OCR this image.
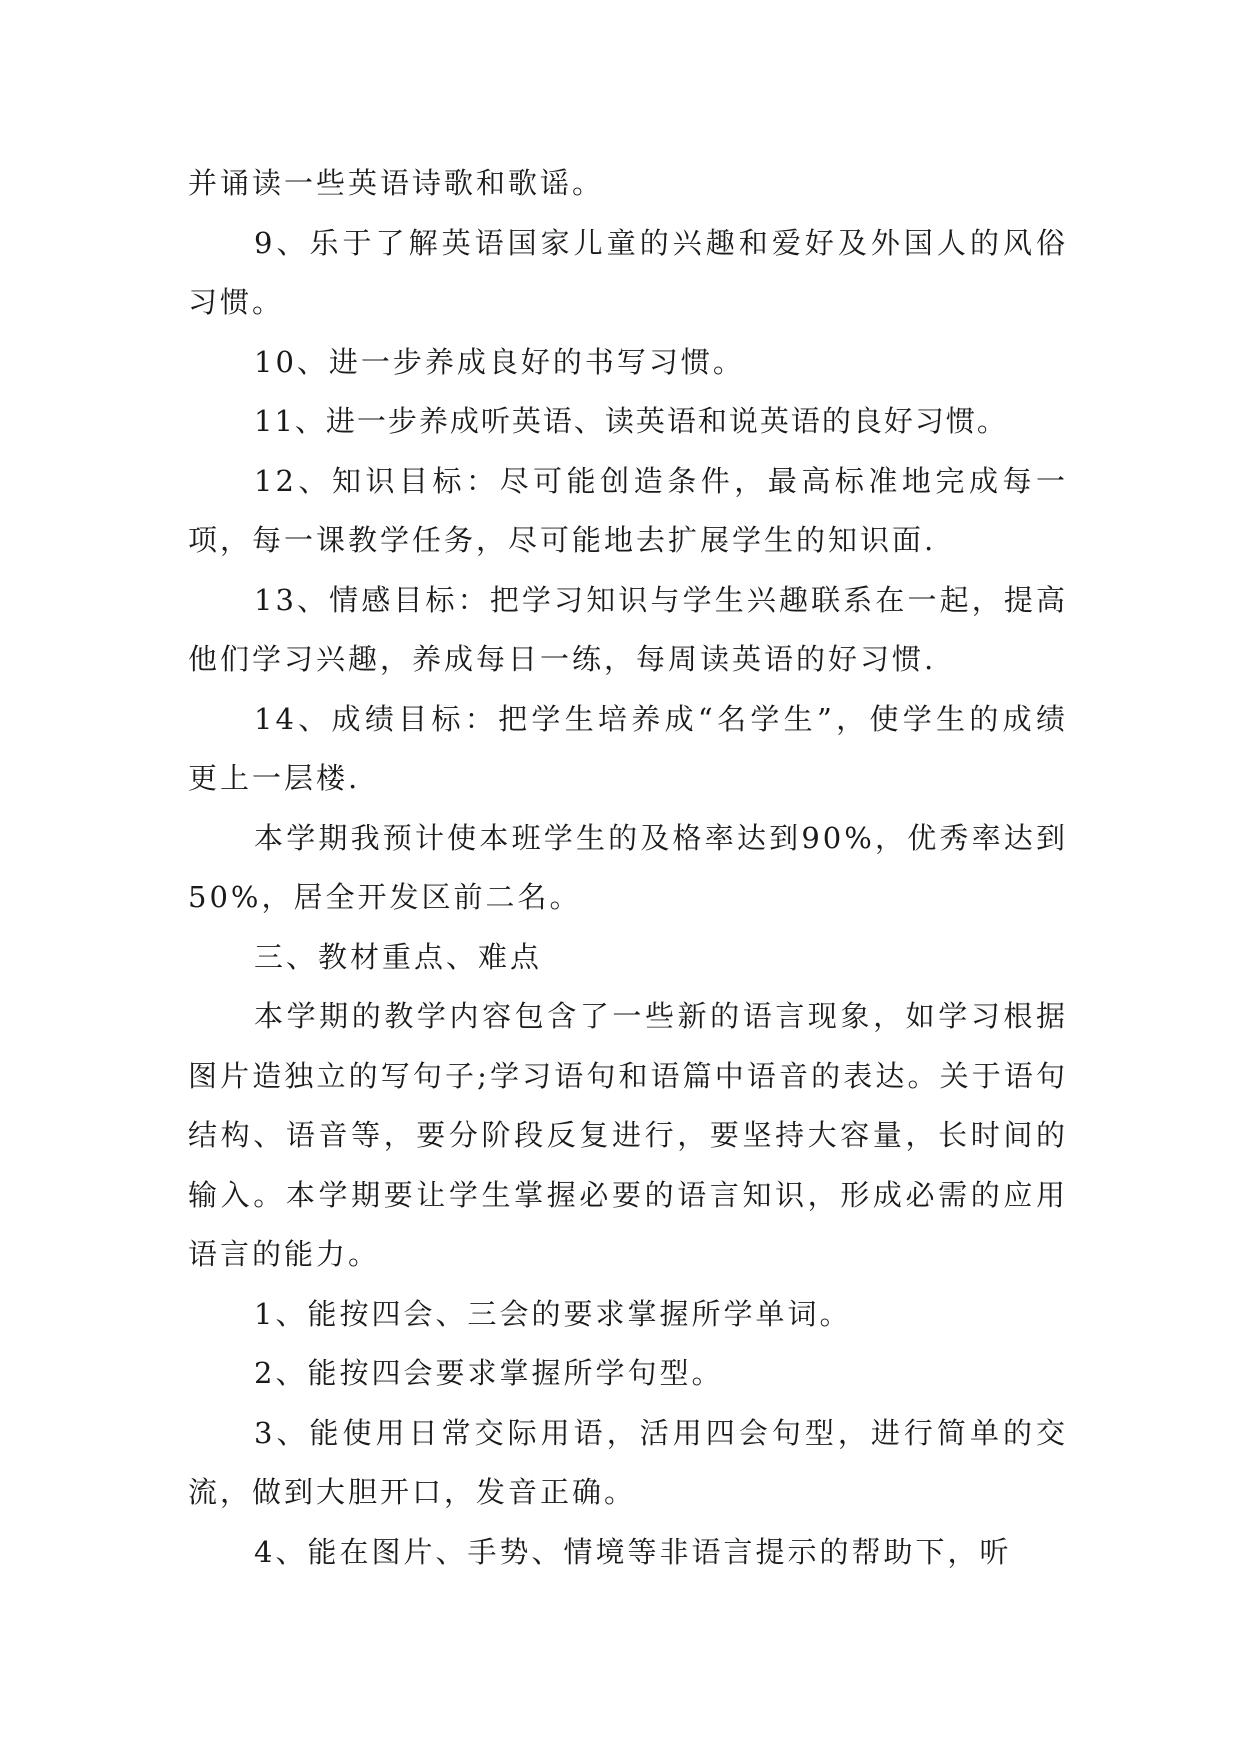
并诵读一些英语诗歌和歌谣。

9、乐于了解英语国家儿童的兴趣和爱好及外国人的风俗习惯。

10、进一步养成良好的书写习惯。

11、进一步养成听英语、读英语和说英语的良好习惯。

12、知识目标：尽可能创造条件，最高标准地完成每一项，每一课教学任务，尽可能地去扩展学生的知识面.

13、情感目标：把学习知识与学生兴趣联系在一起，提高他们学习兴趣，养成每日一练，每周读英语的好习惯.

14、成绩目标：把学生培养成“名学生”，使学生的成绩更上一层楼.

本学期我预计使本班学生的及格率达到90%，优秀率达到50%，居全开发区前二名。

三、教材重点、难点

本学期的教学内容包含了一些新的语言现象，如学习根据图片造独立的写句子;学习语句和语篇中语音的表达。关于语句结构、语音等，要分阶段反复进行，要坚持大容量，长时间的输入。本学期要让学生掌握必要的语言知识，形成必需的应用语言的能力。

1、能按四会、三会的要求掌握所学单词。

2、能按四会要求掌握所学句型。

3、能使用日常交际用语，活用四会句型，进行简单的交流，做到大胆开口，发音正确。

4、能在图片、手势、情境等非语言提示的帮助下，听
